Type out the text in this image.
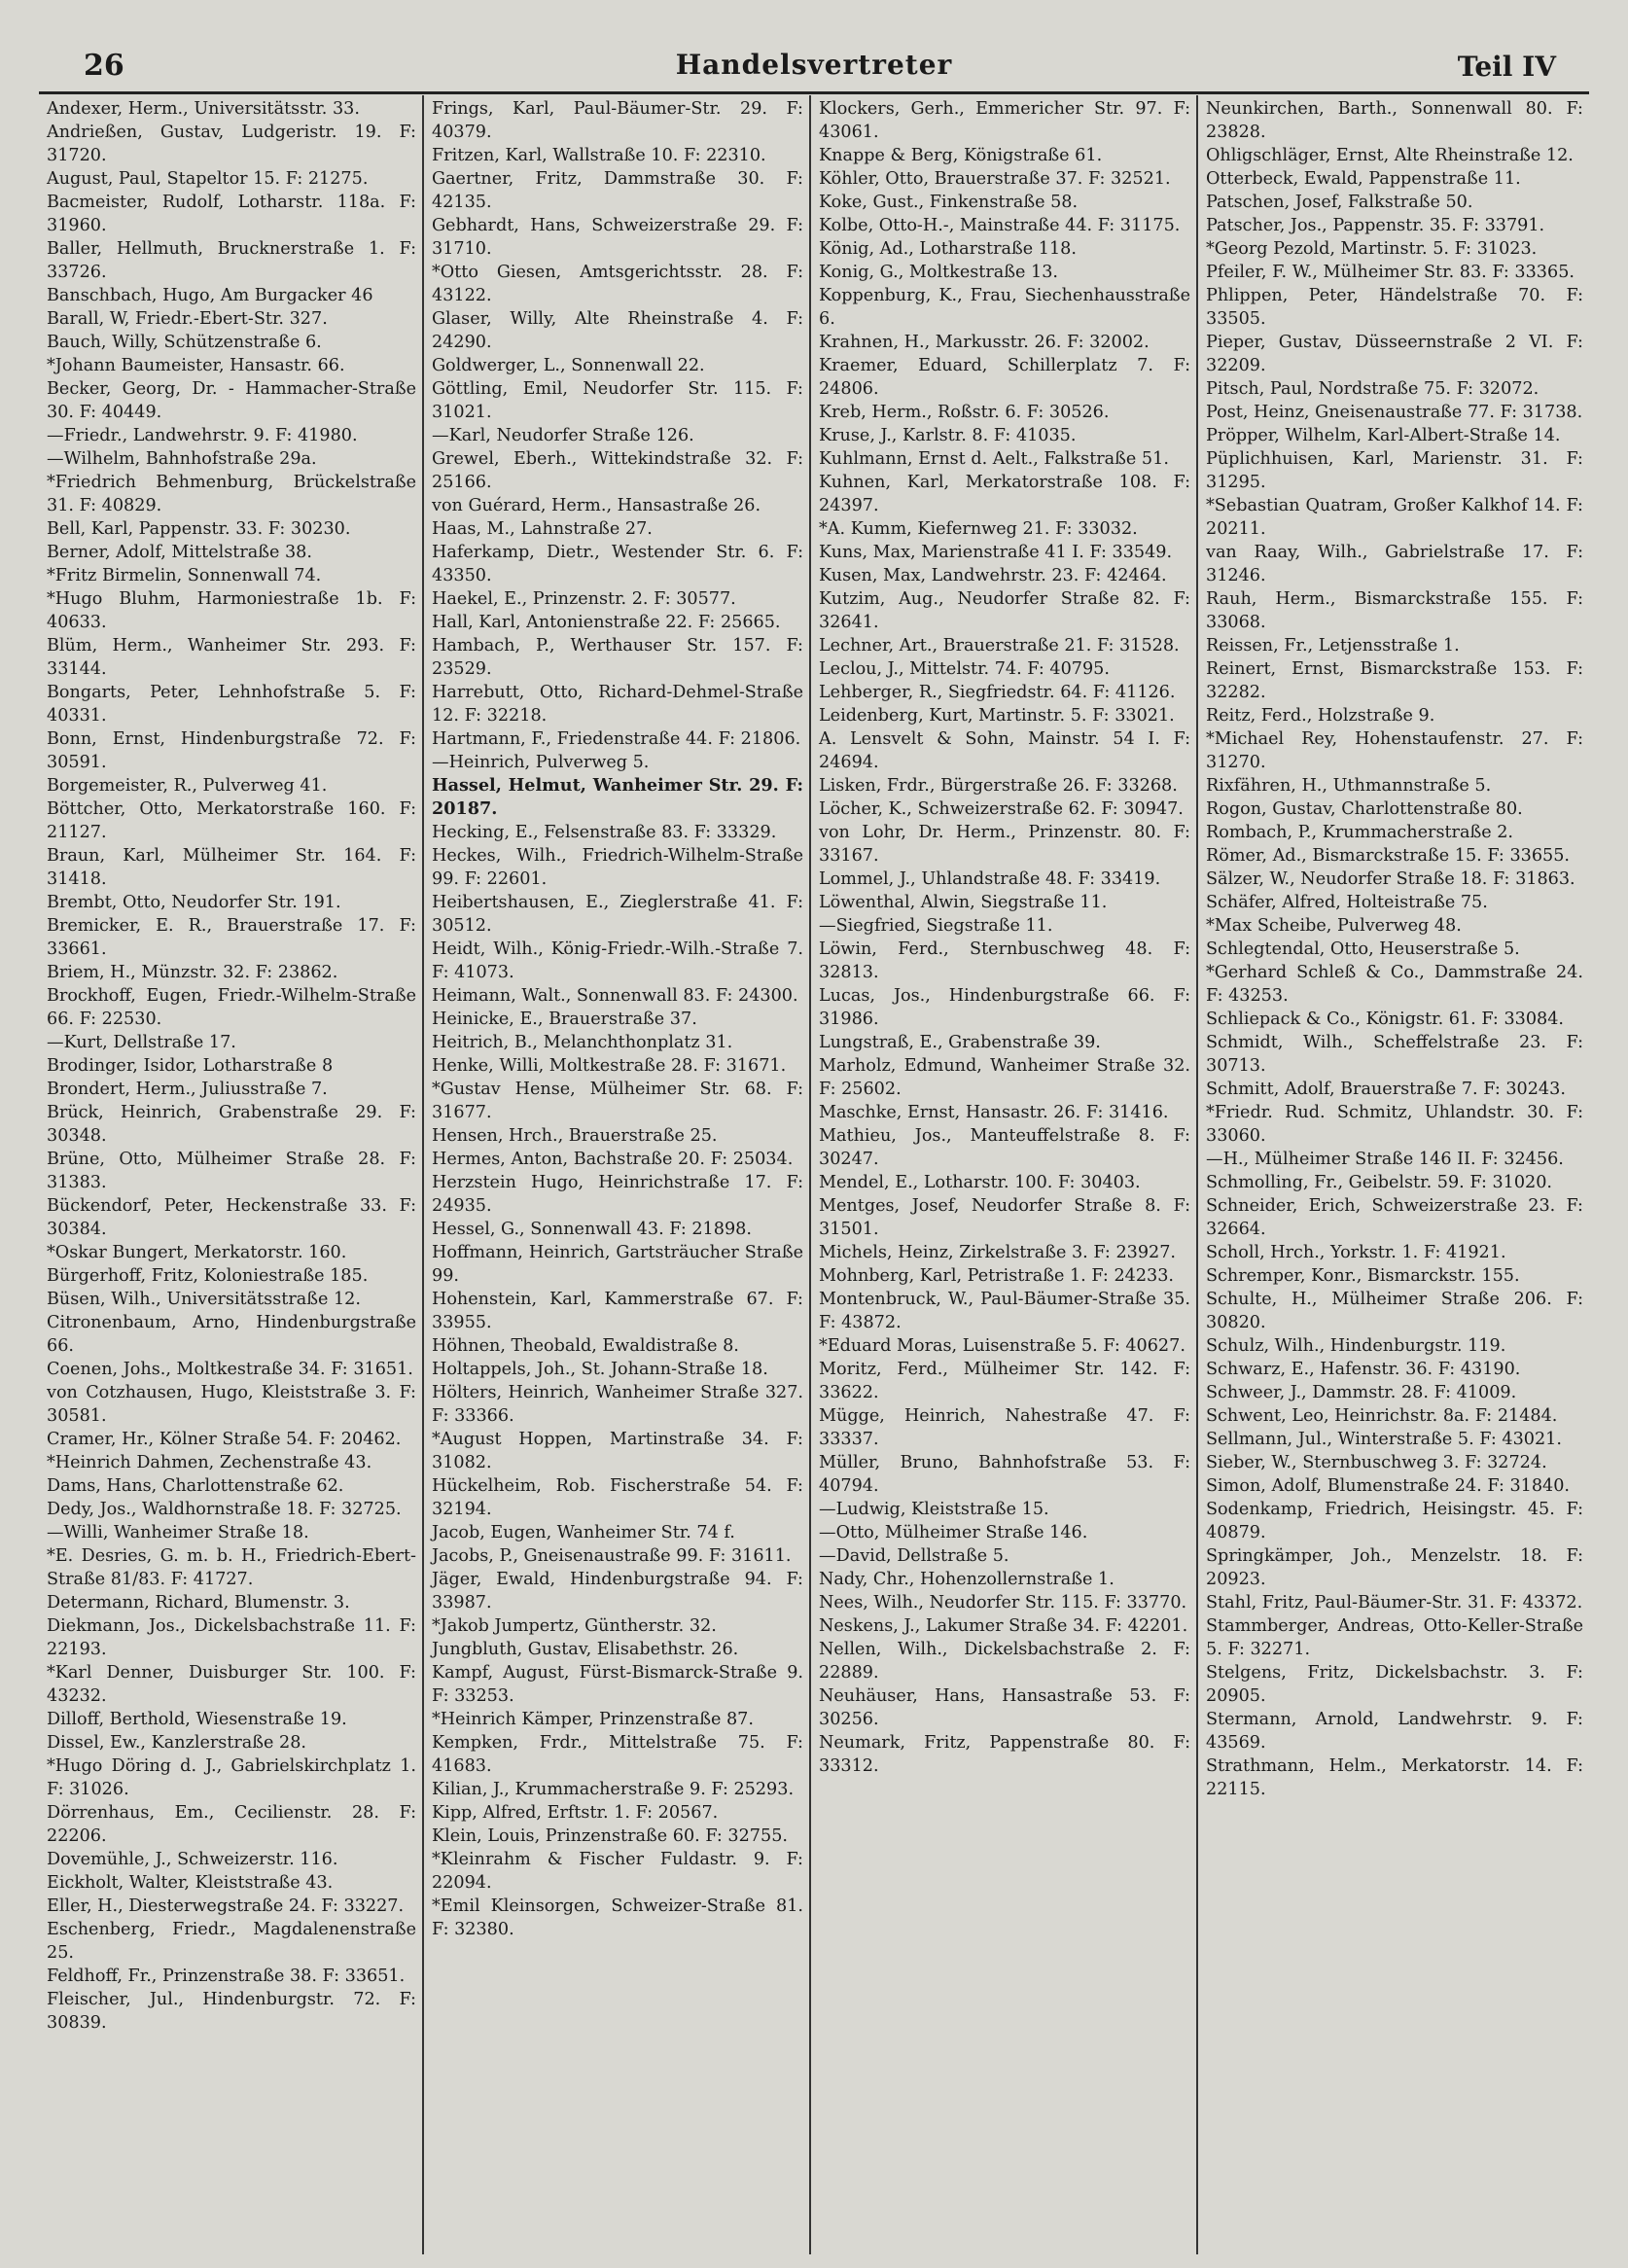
26	Handelsvertreter	Teil IV

Andexer, Herm., Universitätsstr. 33.

Andrießen, Gustav, Ludgeristr. 19. F: 31720.

August, Paul, Stapeltor 15. F: 21275.

Bacmeister, Rudolf, Lotharstr. 118a. F: 31960.

Baller, Hellmuth, Brucknerstraße 1. F: 33726.

Banschbach, Hugo, Am Burgacker 46

Barall, W, Friedr.-Ebert-Str. 327.

Bauch, Willy, Schützenstraße 6.

*Johann Baumeister, Hansastr. 66.

Becker, Georg, Dr. - Hammacher-Straße 30. F: 40449.

—Friedr., Landwehrstr. 9. F: 41980.

—Wilhelm, Bahnhofstraße 29a.

*Friedrich Behmenburg, Brückelstraße 31. F: 40829.

Bell, Karl, Pappenstr. 33. F: 30230.

Berner, Adolf, Mittelstraße 38.

*Fritz Birmelin, Sonnenwall 74.

*Hugo Bluhm, Harmoniestraße 1b. F: 40633.

Blüm, Herm., Wanheimer Str. 293. F: 33144.

Bongarts, Peter, Lehnhofstraße 5. F: 40331.

Bonn, Ernst, Hindenburgstraße 72. F: 30591.

Borgemeister, R., Pulverweg 41.

Böttcher, Otto, Merkatorstraße 160. F: 21127.

Braun, Karl, Mülheimer Str. 164. F: 31418.

Brembt, Otto, Neudorfer Str. 191.

Bremicker, E. R., Brauerstraße 17. F: 33661.

Briem, H., Münzstr. 32. F: 23862.

Brockhoff, Eugen, Friedr.-Wilhelm-Straße 66. F: 22530.

—Kurt, Dellstraße 17.

Brodinger, Isidor, Lotharstraße 8

Brondert, Herm., Juliusstraße 7.

Brück, Heinrich, Grabenstraße 29. F: 30348.

Brüne, Otto, Mülheimer Straße 28. F: 31383.

Bückendorf, Peter, Heckenstraße 33. F: 30384.

*Oskar Bungert, Merkatorstr. 160.

Bürgerhoff, Fritz, Koloniestraße 185.

Büsen, Wilh., Universitätsstraße 12.

Citronenbaum, Arno, Hindenburgstraße 66.

Coenen, Johs., Moltkestraße 34. F: 31651.

von Cotzhausen, Hugo, Kleiststraße 3. F: 30581.

Cramer, Hr., Kölner Straße 54. F: 20462.

*Heinrich Dahmen, Zechenstraße 43.

Dams, Hans, Charlottenstraße 62.

Dedy, Jos., Waldhornstraße 18. F: 32725.

—Willi, Wanheimer Straße 18.

*E. Desries, G. m. b. H., Friedrich-Ebert-Straße 81/83. F: 41727.

Determann, Richard, Blumenstr. 3.

Diekmann, Jos., Dickelsbachstraße 11. F: 22193.

*Karl Denner, Duisburger Str. 100. F: 43232.

Dilloff, Berthold, Wiesenstraße 19.

Dissel, Ew., Kanzlerstraße 28.

*Hugo Döring d. J., Gabrielskirchplatz 1. F: 31026.

Dörrenhaus, Em., Cecilienstr. 28. F: 22206.

Dovemühle, J., Schweizerstr. 116.

Eickholt, Walter, Kleiststraße 43.

Eller, H., Diesterwegstraße 24. F: 33227.

Eschenberg, Friedr., Magdalenenstraße 25.

Feldhoff, Fr., Prinzenstraße 38. F: 33651.

Fleischer, Jul., Hindenburgstr. 72. F: 30839.

Frings, Karl, Paul-Bäumer-Str. 29. F: 40379.

Fritzen, Karl, Wallstraße 10. F: 22310.

Gaertner, Fritz, Dammstraße 30. F: 42135.

Gebhardt, Hans, Schweizerstraße 29. F: 31710.

*Otto Giesen, Amtsgerichtsstr. 28. F: 43122.

Glaser, Willy, Alte Rheinstraße 4. F: 24290.

Goldwerger, L., Sonnenwall 22.

Göttling, Emil, Neudorfer Str. 115. F: 31021.

—Karl, Neudorfer Straße 126.

Grewel, Eberh., Wittekindstraße 32. F: 25166.

von Guérard, Herm., Hansastraße 26.

Haas, M., Lahnstraße 27.

Haferkamp, Dietr., Westender Str. 6. F: 43350.

Haekel, E., Prinzenstr. 2. F: 30577.

Hall, Karl, Antonienstraße 22. F: 25665.

Hambach, P., Werthauser Str. 157. F: 23529.

Harrebutt, Otto, Richard-Dehmel-Straße 12. F: 32218.

Hartmann, F., Friedenstraße 44. F: 21806.

—Heinrich, Pulverweg 5.

Hassel, Helmut, Wanheimer Str. 29. F: 20187.

Hecking, E., Felsenstraße 83. F: 33329.

Heckes, Wilh., Friedrich-Wilhelm-Straße 99. F: 22601.

Heibertshausen, E., Zieglerstraße 41. F: 30512.

Heidt, Wilh., König-Friedr.-Wilh.-Straße 7. F: 41073.

Heimann, Walt., Sonnenwall 83. F: 24300.

Heinicke, E., Brauerstraße 37.

Heitrich, B., Melanchthonplatz 31.

Henke, Willi, Moltkestraße 28. F: 31671.

*Gustav Hense, Mülheimer Str. 68. F: 31677.

Hensen, Hrch., Brauerstraße 25.

Hermes, Anton, Bachstraße 20. F: 25034.

Herzstein Hugo, Heinrichstraße 17. F: 24935.

Hessel, G., Sonnenwall 43. F: 21898.

Hoffmann, Heinrich, Gartsträucher Straße 99.

Hohenstein, Karl, Kammerstraße 67. F: 33955.

Höhnen, Theobald, Ewaldistraße 8.

Holtappels, Joh., St. Johann-Straße 18.

Hölters, Heinrich, Wanheimer Straße 327. F: 33366.

*August Hoppen, Martinstraße 34. F: 31082.

Hückelheim, Rob. Fischerstraße 54. F: 32194.

Jacob, Eugen, Wanheimer Str. 74 f.

Jacobs, P., Gneisenaustraße 99. F: 31611.

Jäger, Ewald, Hindenburgstraße 94. F: 33987.

*Jakob Jumpertz, Güntherstr. 32.

Jungbluth, Gustav, Elisabethstr. 26.

Kampf, August, Fürst-Bismarck-Straße 9. F: 33253.

*Heinrich Kämper, Prinzenstraße 87.

Kempken, Frdr., Mittelstraße 75. F: 41683.

Kilian, J., Krummacherstraße 9. F: 25293.

Kipp, Alfred, Erftstr. 1. F: 20567.

Klein, Louis, Prinzenstraße 60. F: 32755.

*Kleinrahm & Fischer Fuldastr. 9. F: 22094.

*Emil Kleinsorgen, Schweizer-Straße 81. F: 32380.

Klockers, Gerh., Emmericher Str. 97. F: 43061.

Knappe & Berg, Königstraße 61.

Köhler, Otto, Brauerstraße 37. F: 32521.

Koke, Gust., Finkenstraße 58.

Kolbe, Otto-H.-, Mainstraße 44. F: 31175.

König, Ad., Lotharstraße 118.

Konig, G., Moltkestraße 13.

Koppenburg, K., Frau, Siechenhausstraße 6.

Krahnen, H., Markusstr. 26. F: 32002.

Kraemer, Eduard, Schillerplatz 7. F: 24806.

Kreb, Herm., Roßstr. 6. F: 30526.

Kruse, J., Karlstr. 8. F: 41035.

Kuhlmann, Ernst d. Aelt., Falkstraße 51.

Kuhnen, Karl, Merkatorstraße 108. F: 24397.

*A. Kumm, Kiefernweg 21. F: 33032.

Kuns, Max, Marienstraße 41 I. F: 33549.

Kusen, Max, Landwehrstr. 23. F: 42464.

Kutzim, Aug., Neudorfer Straße 82. F: 32641.

Lechner, Art., Brauerstraße 21. F: 31528.

Leclou, J., Mittelstr. 74. F: 40795.

Lehberger, R., Siegfriedstr. 64. F: 41126.

Leidenberg, Kurt, Martinstr. 5. F: 33021.

A. Lensvelt & Sohn, Mainstr. 54 I. F: 24694.

Lisken, Frdr., Bürgerstraße 26. F: 33268.

Löcher, K., Schweizerstraße 62. F: 30947.

von Lohr, Dr. Herm., Prinzenstr. 80. F: 33167.

Lommel, J., Uhlandstraße 48. F: 33419.

Löwenthal, Alwin, Siegstraße 11.

—Siegfried, Siegstraße 11.

Löwin, Ferd., Sternbuschweg 48. F: 32813.

Lucas, Jos., Hindenburgstraße 66. F: 31986.

Lungstraß, E., Grabenstraße 39.

Marholz, Edmund, Wanheimer Straße 32. F: 25602.

Maschke, Ernst, Hansastr. 26. F: 31416.

Mathieu, Jos., Manteuffelstraße 8. F: 30247.

Mendel, E., Lotharstr. 100. F: 30403.

Mentges, Josef, Neudorfer Straße 8. F: 31501.

Michels, Heinz, Zirkelstraße 3. F: 23927.

Mohnberg, Karl, Petristraße 1. F: 24233.

Montenbruck, W., Paul-Bäumer-Straße 35. F: 43872.

*Eduard Moras, Luisenstraße 5. F: 40627.

Moritz, Ferd., Mülheimer Str. 142. F: 33622.

Mügge, Heinrich, Nahestraße 47. F: 33337.

Müller, Bruno, Bahnhofstraße 53. F: 40794.

—Ludwig, Kleiststraße 15.

—Otto, Mülheimer Straße 146.

—David, Dellstraße 5.

Nady, Chr., Hohenzollernstraße 1.

Nees, Wilh., Neudorfer Str. 115. F: 33770.

Neskens, J., Lakumer Straße 34. F: 42201.

Nellen, Wilh., Dickelsbachstraße 2. F: 22889.

Neuhäuser, Hans, Hansastraße 53. F: 30256.

Neumark, Fritz, Pappenstraße 80. F: 33312.

Neunkirchen, Barth., Sonnenwall 80. F: 23828.

Ohligschläger, Ernst, Alte Rheinstraße 12.

Otterbeck, Ewald, Pappenstraße 11.

Patschen, Josef, Falkstraße 50.

Patscher, Jos., Pappenstr. 35. F: 33791.

*Georg Pezold, Martinstr. 5. F: 31023.

Pfeiler, F. W., Mülheimer Str. 83. F: 33365.

Phlippen, Peter, Händelstraße 70. F: 33505.

Pieper, Gustav, Düsseernstraße 2 VI. F: 32209.

Pitsch, Paul, Nordstraße 75. F: 32072.

Post, Heinz, Gneisenaustraße 77. F: 31738.

Pröpper, Wilhelm, Karl-Albert-Straße 14.

Püplichhuisen, Karl, Marienstr. 31. F: 31295.

*Sebastian Quatram, Großer Kalkhof 14. F: 20211.

van Raay, Wilh., Gabrielstraße 17. F: 31246.

Rauh, Herm., Bismarckstraße 155. F: 33068.

Reissen, Fr., Letjensstraße 1.

Reinert, Ernst, Bismarckstraße 153. F: 32282.

Reitz, Ferd., Holzstraße 9.

*Michael Rey, Hohenstaufenstr. 27. F: 31270.

Rixfähren, H., Uthmannstraße 5.

Rogon, Gustav, Charlottenstraße 80.

Rombach, P., Krummacherstraße 2.

Römer, Ad., Bismarckstraße 15. F: 33655.

Sälzer, W., Neudorfer Straße 18. F: 31863.

Schäfer, Alfred, Holteistraße 75.

*Max Scheibe, Pulverweg 48.

Schlegtendal, Otto, Heuserstraße 5.

*Gerhard Schleß & Co., Dammstraße 24. F: 43253.

Schliepack & Co., Königstr. 61. F: 33084.

Schmidt, Wilh., Scheffelstraße 23. F: 30713.

Schmitt, Adolf, Brauerstraße 7. F: 30243.

*Friedr. Rud. Schmitz, Uhlandstr. 30. F: 33060.

—H., Mülheimer Straße 146 II. F: 32456.

Schmolling, Fr., Geibelstr. 59. F: 31020.

Schneider, Erich, Schweizerstraße 23. F: 32664.

Scholl, Hrch., Yorkstr. 1. F: 41921.

Schremper, Konr., Bismarckstr. 155.

Schulte, H., Mülheimer Straße 206. F: 30820.

Schulz, Wilh., Hindenburgstr. 119.

Schwarz, E., Hafenstr. 36. F: 43190.

Schweer, J., Dammstr. 28. F: 41009.

Schwent, Leo, Heinrichstr. 8a. F: 21484.

Sellmann, Jul., Winterstraße 5. F: 43021.

Sieber, W., Sternbuschweg 3. F: 32724.

Simon, Adolf, Blumenstraße 24. F: 31840.

Sodenkamp, Friedrich, Heisingstr. 45. F: 40879.

Springkämper, Joh., Menzelstr. 18. F: 20923.

Stahl, Fritz, Paul-Bäumer-Str. 31. F: 43372.

Stammberger, Andreas, Otto-Keller-Straße 5. F: 32271.

Stelgens, Fritz, Dickelsbachstr. 3. F: 20905.

Stermann, Arnold, Landwehrstr. 9. F: 43569.

Strathmann, Helm., Merkatorstr. 14. F: 22115.
